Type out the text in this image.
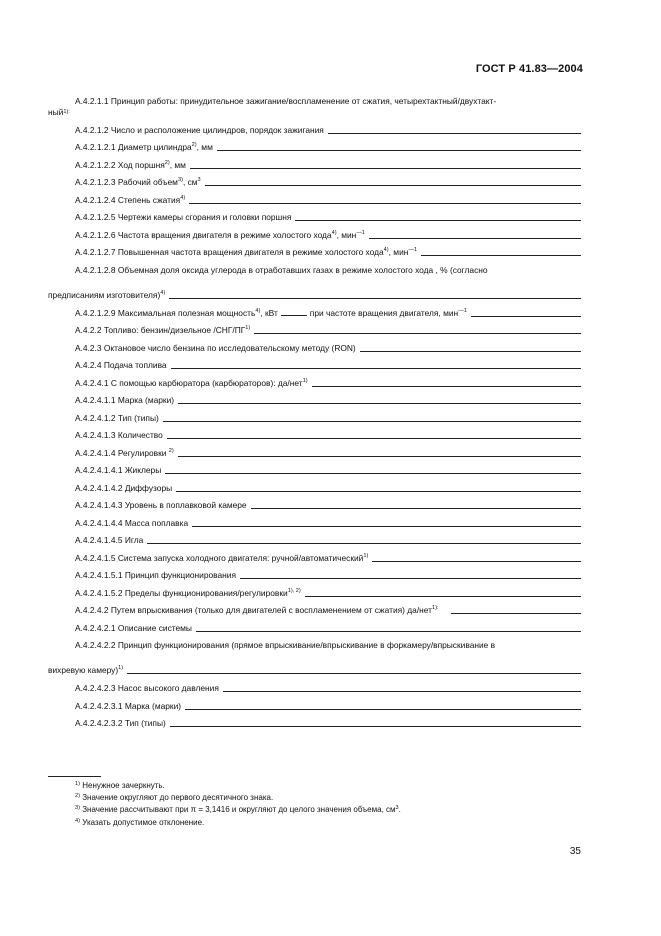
ГОСТ Р 41.83—2004
А.4.2.1.1 Принцип работы: принудительное зажигание/воспламенение от сжатия, четырехтактный/двухтакт-
ный$^{1):}$
А.4.2.1.2 Число и расположение цилиндров, порядок зажигания
А.4.2.1.2.1 Диаметр цилиндра$^{2)}$, мм
А.4.2.1.2.2 Ход поршня$^{2)}$, мм
А.4.2.1.2.3 Рабочий объем$^{3)}$, $см^3$
А.4.2.1.2.4 Степень сжатия$^{4)}$
А.4.2.1.2.5 Чертежи камеры сгорания и головки поршня
А.4.2.1.2.6 Частота вращения двигателя в режиме холостого хода$^{4)}$, мин$^{—1}$
А.4.2.1.2.7 Повышенная частота вращения двигателя в режиме холостого хода$^{4)}$, мин$^{—1}$
А.4.2.1.2.8 Объемная доля оксида углерода в отработавших газах в режиме холостого хода , % (согласно
предписаниям изготовителя)$^{4)}$
А.4.2.1.2.9 Максимальная полезная мощность$^{4)}$, кВт	при частоте вращения двигателя, мин$^{—1}$
А.4.2.2 Топливо: бензин/дизельное /СНГ/ПГ$^{1)}$
А.4.2.3 Октановое число бензина по исследовательскому методу (RON)
А.4.2.4 Подача топлива
А.4.2.4.1 С помощью карбюратора (карбюраторов): да/нет$^{1)}$
А.4.2.4.1.1 Марка (марки)
А.4.2.4.1.2 Тип (типы)
А.4.2.4.1.3 Количество
А.4.2.4.1.4 Регулировки $^{2)}$
А.4.2.4.1.4.1 Жиклеры
А.4.2.4.1.4.2 Диффузоры
А.4.2.4.1.4.3 Уровень в поплавковой камере
А.4.2.4.1.4.4 Масса поплавка
А.4.2.4.1.4.5 Игла
А.4.2.4.1.5 Система запуска холодного двигателя: ручной/автоматический$^{1)}$
А.4.2.4.1.5.1 Принцип функционирования
А.4.2.4.1.5.2 Пределы функционирования/регулировки$^{1), 2)}$
А.4.2.4.2 Путем впрыскивания (только для двигателей с воспламенением от сжатия) да/нет$^{1):}$
А.4.2.4.2.1 Описание системы
А.4.2.4.2.2 Принцип функционирования (прямое впрыскивание/впрыскивание в форкамеру/впрыскивание в
вихревую камеру)$^{1)}$
А.4.2.4.2.3 Насос высокого давления
А.4.2.4.2.3.1 Марка (марки)
А.4.2.4.2.3.2 Тип (типы)
$^{1)}$ Ненужное зачеркнуть.
$^{2)}$ Значение округляют до первого десятичного знака.
$^{3)}$ Значение рассчитывают при π = 3,1416 и округляют до целого значения объема, $см^3$.
$^{4)}$ Указать допустимое отклонение.
35
